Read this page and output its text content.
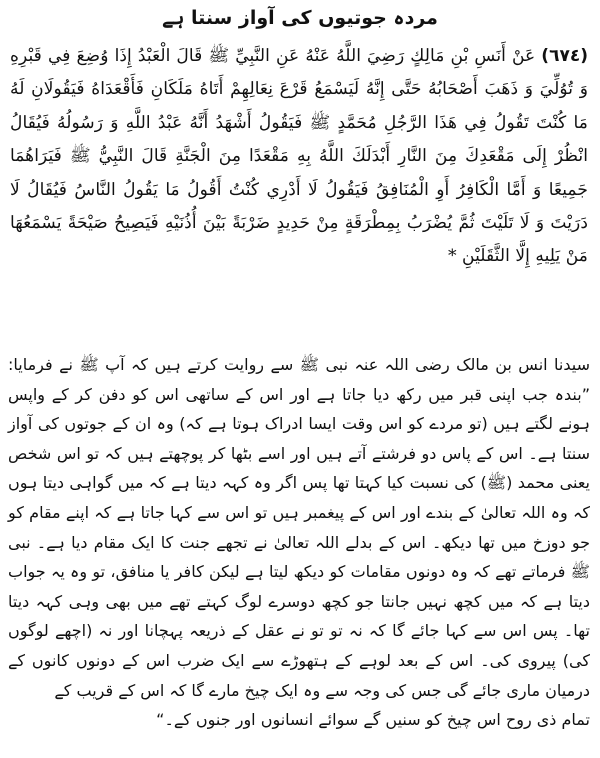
مردہ جوتیوں کی آواز سنتا ہے
(٦٧٤)عَنْ أَنَسِ بْنِ مَالِكٍ رَضِيَ اللَّهُ عَنْهُ عَنِ النَّبِيِّ ﷺ قَالَ الْعَبْدُ إِذَا وُضِعَ فِي قَبْرِهِ وَ تُوُلِّيَ وَ ذَهَبَ أَصْحَابُهُ حَتَّى إِنَّهُ لَيَسْمَعُ قَرْعَ نِعَالِهِمْ أَتَاهُ مَلَكَانِ فَأَقْعَدَاهُ فَيَقُولَانِ لَهُ مَا كُنْتَ تَقُولُ فِي هَذَا الرَّجُلِ مُحَمَّدٍ ﷺ فَيَقُولُ أَشْهَدُ أَنَّهُ عَبْدُ اللَّهِ وَ رَسُولُهُ فَيُقَالُ انْظُرْ إِلَى مَقْعَدِكَ مِنَ النَّارِ أَبْدَلَكَ اللَّهُ بِهِ مَقْعَدًا مِنَ الْجَنَّةِ قَالَ النَّبِيُّ ﷺ فَيَرَاهُمَا جَمِيعًا وَ أَمَّا الْكَافِرُ أَوِ الْمُنَافِقُ فَيَقُولُ لَا أَدْرِي كُنْتُ أَقُولُ مَا يَقُولُ النَّاسُ فَيُقَالُ لَا دَرَيْتَ وَ لَا تَلَيْتَ ثُمَّ يُضْرَبُ بِمِطْرَقَةٍ مِنْ حَدِيدٍ ضَرْبَةً بَيْنَ أُذُنَيْهِ فَيَصِيحُ صَيْحَةً يَسْمَعُهَا مَنْ يَلِيهِ إِلَّا الثَّقَلَيْنِ *
سیدنا انس بن مالک رضی اللہ عنہ نبی ﷺ سے روایت کرتے ہیں کہ آپ ﷺ نے فرمایا: ”بندہ جب اپنی قبر میں رکھ دیا جاتا ہے اور اس کے ساتھی اس کو دفن کر کے واپس ہونے لگتے ہیں (تو مردے کو اس وقت ایسا ادراک ہوتا ہے کہ) وہ ان کے جوتوں کی آواز سنتا ہے۔ اس کے پاس دو فرشتے آتے ہیں اور اسے بٹھا کر پوچھتے ہیں کہ تو اس شخص یعنی محمد (ﷺ) کی نسبت کیا کہتا تھا پس اگر وہ کہہ دیتا ہے کہ میں گواہی دیتا ہوں کہ وہ اللہ تعالیٰ کے بندے اور اس کے پیغمبر ہیں تو اس سے کہا جاتا ہے کہ اپنے مقام کو جو دوزخ میں تھا دیکھ۔ اس کے بدلے اللہ تعالیٰ نے تجھے جنت کا ایک مقام دیا ہے۔ نبی ﷺ فرماتے تھے کہ وہ دونوں مقامات کو دیکھ لیتا ہے لیکن کافر یا منافق، تو وہ یہ جواب دیتا ہے کہ میں کچھ نہیں جانتا جو کچھ دوسرے لوگ کہتے تھے میں بھی وہی کہہ دیتا تھا۔ پس اس سے کہا جائے گا کہ نہ تو تو نے عقل کے ذریعہ پہچانا اور نہ (اچھے لوگوں کی) پیروی کی۔ اس کے بعد لوہے کے ہتھوڑے سے ایک ضرب اس کے دونوں کانوں کے درمیان ماری جائے گی جس کی وجہ سے وہ ایک چیخ مارے گا کہ اس کے قریب کے
تمام ذی روح اس چیخ کو سنیں گے سوائے انسانوں اور جنوں کے۔“
